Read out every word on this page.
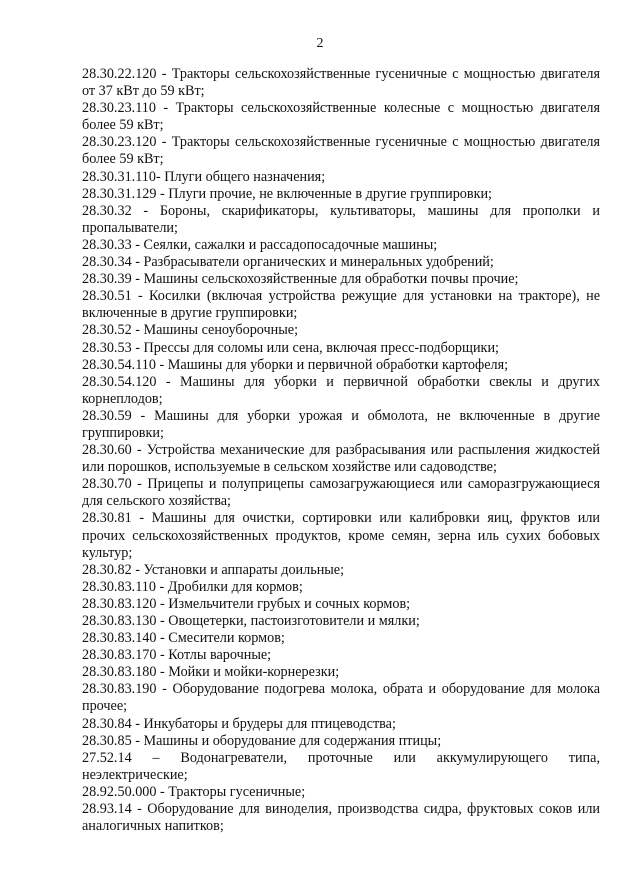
2

28.30.22.120 - Тракторы сельскохозяйственные гусеничные с мощностью двигателя от 37 кВт до 59 кВт;

28.30.23.110 - Тракторы сельскохозяйственные колесные с мощностью двигателя более 59 кВт;

28.30.23.120 - Тракторы сельскохозяйственные гусеничные с мощностью двигателя более 59 кВт;

28.30.31.110- Плуги общего назначения;

28.30.31.129 - Плуги прочие, не включенные в другие группировки;

28.30.32 - Бороны, скарификаторы, культиваторы, машины для прополки и пропалыватели;

28.30.33 - Сеялки, сажалки и рассадопосадочные машины;

28.30.34 - Разбрасыватели органических и минеральных удобрений;

28.30.39 - Машины сельскохозяйственные для обработки почвы прочие;

28.30.51 - Косилки (включая устройства режущие для установки на тракторе), не включенные в другие группировки;

28.30.52 - Машины сеноуборочные;

28.30.53 - Прессы для соломы или сена, включая пресс-подборщики;

28.30.54.110 - Машины для уборки и первичной обработки картофеля;

28.30.54.120 - Машины для уборки и первичной обработки свеклы и других корнеплодов;

28.30.59 - Машины для уборки урожая и обмолота, не включенные в другие группировки;

28.30.60 - Устройства механические для разбрасывания или распыления жидкостей или порошков, используемые в сельском хозяйстве или садоводстве;

28.30.70 - Прицепы и полуприцепы самозагружающиеся или саморазгружающиеся для сельского хозяйства;

28.30.81 - Машины для очистки, сортировки или калибровки яиц, фруктов или прочих сельскохозяйственных продуктов, кроме семян, зерна иль сухих бобовых культур;

28.30.82 - Установки и аппараты доильные;

28.30.83.110 - Дробилки для кормов;

28.30.83.120 - Измельчители грубых и сочных кормов;

28.30.83.130 - Овощетерки, пастоизготовители и мялки;

28.30.83.140 - Смесители кормов;

28.30.83.170 - Котлы варочные;

28.30.83.180 - Мойки и мойки-корнерезки;

28.30.83.190 - Оборудование подогрева молока, обрата и оборудование для молока прочее;

28.30.84 - Инкубаторы и брудеры для птицеводства;

28.30.85 - Машины и оборудование для содержания птицы;

27.52.14 – Водонагреватели, проточные или аккумулирующего типа, неэлектрические;

28.92.50.000 - Тракторы гусеничные;

28.93.14 - Оборудование для виноделия, производства сидра, фруктовых соков или аналогичных напитков;
